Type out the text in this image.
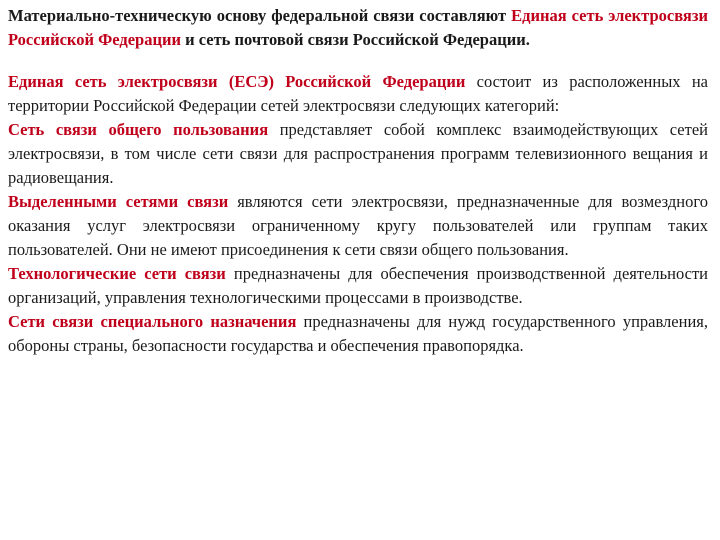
Материально-техническую основу федеральной связи составляют Единая сеть электросвязи Российской Федерации и сеть почтовой связи Российской Федерации.

Единая сеть электросвязи (ЕСЭ) Российской Федерации состоит из расположенных на территории Российской Федерации сетей электросвязи следующих категорий:

Сеть связи общего пользования представляет собой комплекс взаимодействующих сетей электросвязи, в том числе сети связи для распространения программ телевизионного вещания и радиовещания.

Выделенными сетями связи являются сети электросвязи, предназначенные для возмездного оказания услуг электросвязи ограниченному кругу пользователей или группам таких пользователей. Они не имеют присоединения к сети связи общего пользования.

Технологические сети связи предназначены для обеспечения производственной деятельности организаций, управления технологическими процессами в производстве.

Сети связи специального назначения предназначены для нужд государственного управления, обороны страны, безопасности государства и обеспечения правопорядка.
